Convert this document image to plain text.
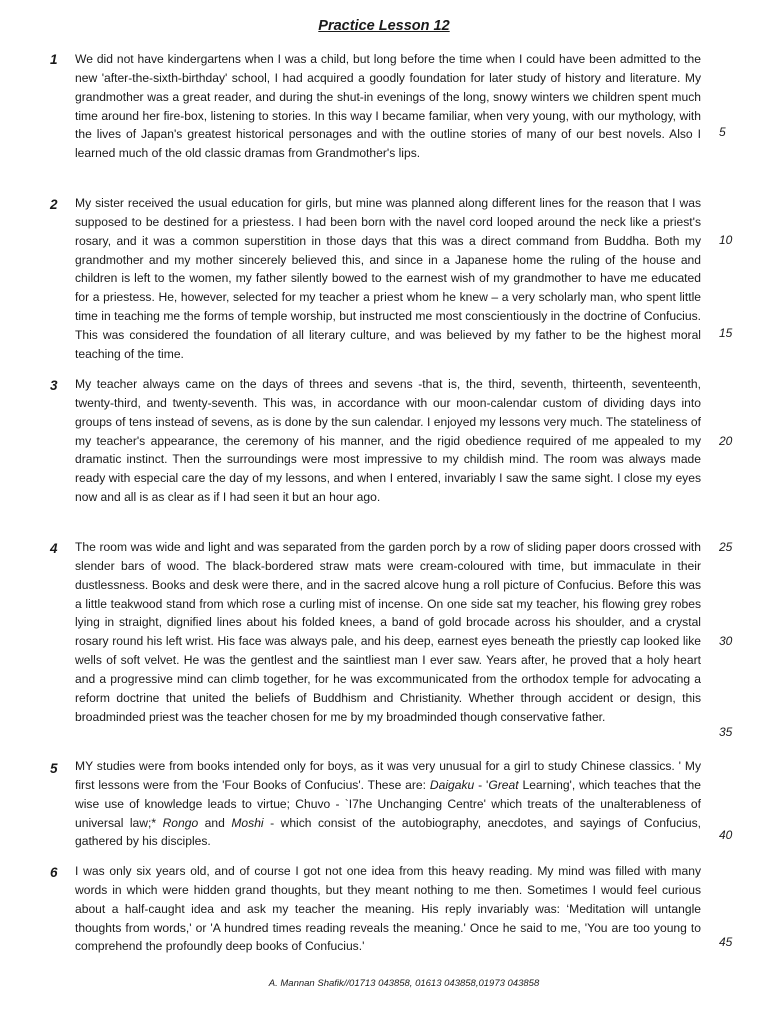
Practice Lesson 12
1 We did not have kindergartens when I was a child, but long before the time when I could have been admitted to the new 'after-the-sixth-birthday' school, I had acquired a goodly foundation for later study of history and literature. My grandmother was a great reader, and during the shut-in evenings of the long, snowy winters we children spent much time around her fire-box, listening to stories. In this way I became familiar, when very young, with our mythology, with the lives of Japan's greatest historical personages and with the outline stories of many of our best novels. Also I learned much of the old classic dramas from Grandmother's lips.
2 My sister received the usual education for girls, but mine was planned along different lines for the reason that I was supposed to be destined for a priestess. I had been born with the navel cord looped around the neck like a priest's rosary, and it was a common superstition in those days that this was a direct command from Buddha. Both my grandmother and my mother sincerely believed this, and since in a Japanese home the ruling of the house and children is left to the women, my father silently bowed to the earnest wish of my grandmother to have me educated for a priestess. He, however, selected for my teacher a priest whom he knew – a very scholarly man, who spent little time in teaching me the forms of temple worship, but instructed me most conscientiously in the doctrine of Confucius. This was considered the foundation of all literary culture, and was believed by my father to be the highest moral teaching of the time.
3 My teacher always came on the days of threes and sevens -that is, the third, seventh, thirteenth, seventeenth, twenty-third, and twenty-seventh. This was, in accordance with our moon-calendar custom of dividing days into groups of tens instead of sevens, as is done by the sun calendar. I enjoyed my lessons very much. The stateliness of my teacher's appearance, the ceremony of his manner, and the rigid obedience required of me appealed to my dramatic instinct. Then the surroundings were most impressive to my childish mind. The room was always made ready with especial care the day of my lessons, and when I entered, invariably I saw the same sight. I close my eyes now and all is as clear as if I had seen it but an hour ago.
4 The room was wide and light and was separated from the garden porch by a row of sliding paper doors crossed with slender bars of wood. The black-bordered straw mats were cream-coloured with time, but immaculate in their dustlessness. Books and desk were there, and in the sacred alcove hung a roll picture of Confucius. Before this was a little teakwood stand from which rose a curling mist of incense. On one side sat my teacher, his flowing grey robes lying in straight, dignified lines about his folded knees, a band of gold brocade across his shoulder, and a crystal rosary round his left wrist. His face was always pale, and his deep, earnest eyes beneath the priestly cap looked like wells of soft velvet. He was the gentlest and the saintliest man I ever saw. Years after, he proved that a holy heart and a progressive mind can climb together, for he was excommunicated from the orthodox temple for advocating a reform doctrine that united the beliefs of Buddhism and Christianity. Whether through accident or design, this broadminded priest was the teacher chosen for me by my broadminded though conservative father.
5 MY studies were from books intended only for boys, as it was very unusual for a girl to study Chinese classics. ' My first lessons were from the 'Four Books of Confucius'. These are: Daigaku - 'Great Learning', which teaches that the wise use of knowledge leads to virtue; Chuvo - `I7he Unchanging Centre' which treats of the unalterableness of universal law;* Rongo and Moshi - which consist of the autobiography, anecdotes, and sayings of Confucius, gathered by his disciples.
6 I was only six years old, and of course I got not one idea from this heavy reading. My mind was filled with many words in which were hidden grand thoughts, but they meant nothing to me then. Sometimes I would feel curious about a half-caught idea and ask my teacher the meaning. His reply invariably was: ‘Meditation will untangle thoughts from words,' or 'A hundred times reading reveals the meaning.' Once he said to me, 'You are too young to comprehend the profoundly deep books of Confucius.'
5
10
15
20
25
30
35
40
45
A. Mannan Shafik//01713 043858, 01613 043858,01973 043858
